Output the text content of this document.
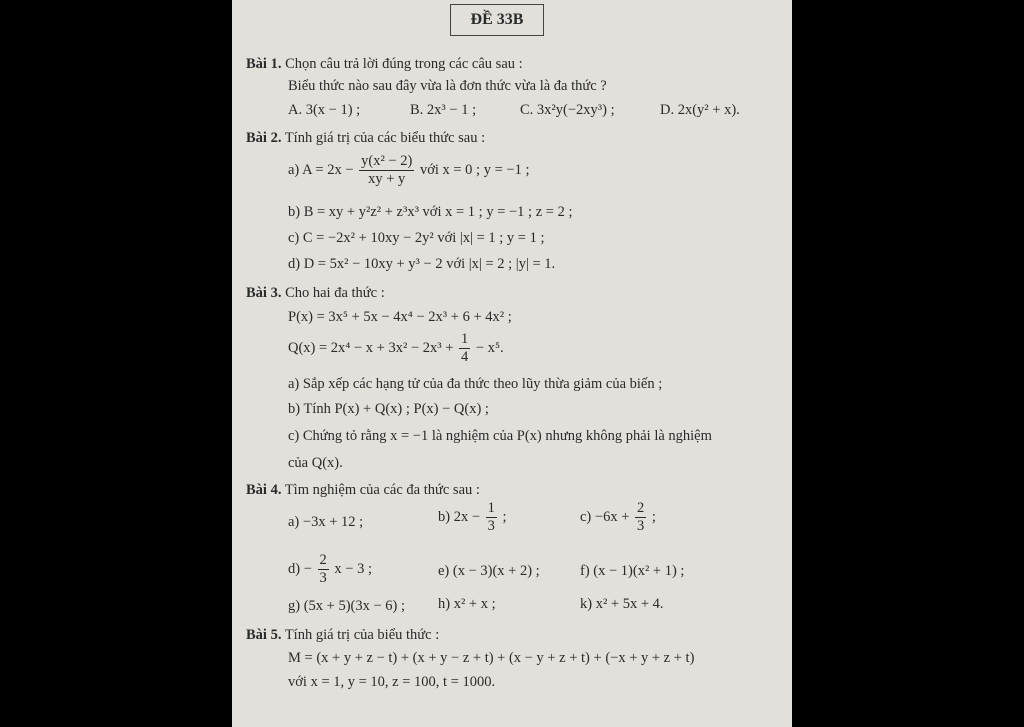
ĐỀ 33B
Bài 1. Chọn câu trả lời đúng trong các câu sau :
Biểu thức nào sau đây vừa là đơn thức vừa là đa thức ?
A. 3(x − 1) ;	B. 2x³ − 1 ;	C. 3x²y(−2xy³) ;	D. 2x(y² + x).
Bài 2. Tính giá trị của các biểu thức sau :
a) $A = 2x - \frac{\text{y(x² − 2)}}{xy + y}$ với x = 0 ; y = −1 ;
b) B = xy + y²z² + z³x³ với x = 1 ; y = −1 ; z = 2 ;
c) C = −2x² + 10xy − 2y² với |x| = 1 ; y = 1 ;
d) D = 5x² − 10xy + y³ − 2 với |x| = 2 ; |y| = 1.
Bài 3. Cho hai đa thức :
P(x) = 3x⁵ + 5x − 4x⁴ − 2x³ + 6 + 4x² ;
$Q(x) = 2x^4 - x + 3x^2 - 2x^3 + \frac{1}{4} - x^5$.
a) Sắp xếp các hạng tử của đa thức theo lũy thừa giảm của biến ;
b) Tính P(x) + Q(x) ; P(x) − Q(x) ;
c) Chứng tỏ rằng x = −1 là nghiệm của P(x) nhưng không phải là nghiệm
của Q(x).
Bài 4. Tìm nghiệm của các đa thức sau :
a) −3x + 12 ;	b) $2x - \frac{1}{3}$ ;	$c) -6x + \frac{2}{3}$ ;
$d) - \frac{2}{3}$ x − 3 ;	e) (x − 3)(x + 2) ;	f) (x − 1)(x² + 1) ;
g) (5x + 5)(3x − 6) ; h) x² + x ;	k) x² + 5x + 4.
Bài 5. Tính giá trị của biểu thức :
M = (x + y + z − t) + (x + y − z + t) + (x − y + z + t) + (−x + y + z + t)
với x = 1, y = 10, z = 100, t = 1000.
